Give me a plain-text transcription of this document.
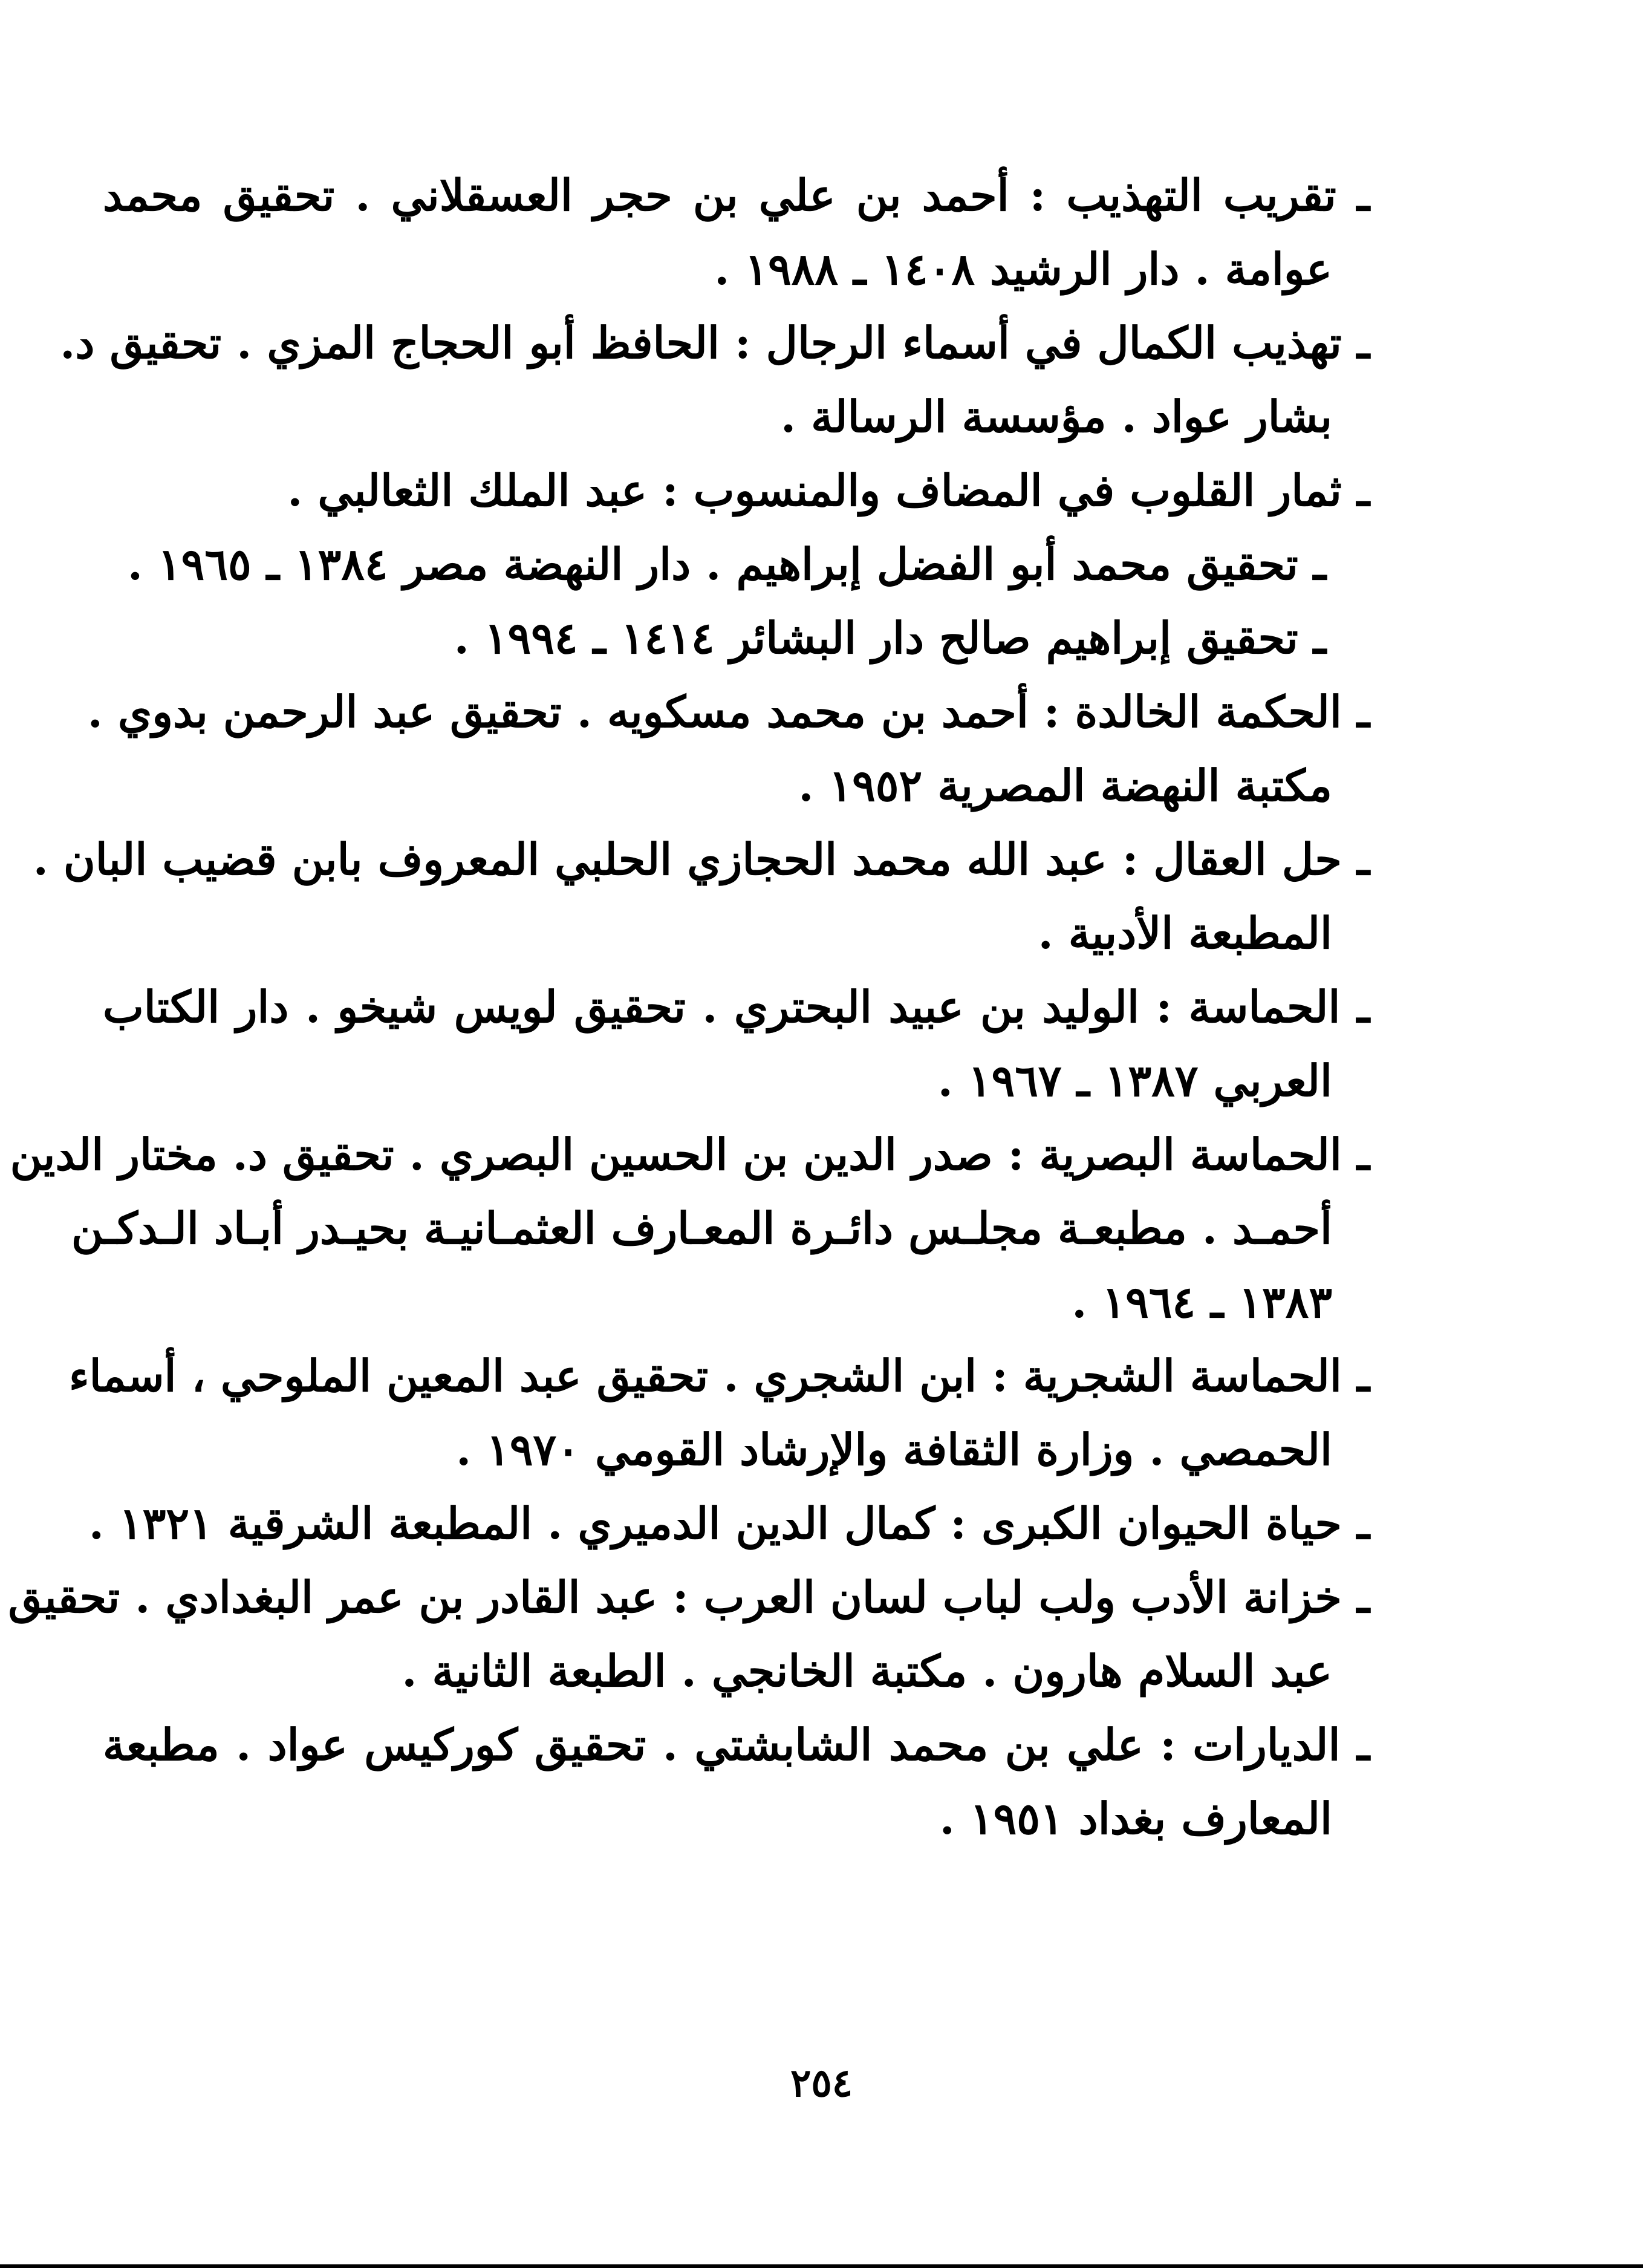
ـ تقريب التهذيب : أحمد بن علي بن حجر العسقلاني . تحقيق محمد
عوامة . دار الرشيد ١٤٠٨ ـ ١٩٨٨ .
ـ تهذيب الكمال في أسماء الرجال : الحافظ أبو الحجاج المزي . تحقيق د.
بشار عواد . مؤسسة الرسالة .
ـ ثمار القلوب في المضاف والمنسوب : عبد الملك الثعالبي .
ـ تحقيق محمد أبو الفضل إبراهيم . دار النهضة مصر ١٣٨٤ ـ ١٩٦٥ .
ـ تحقيق إبراهيم صالح دار البشائر ١٤١٤ ـ ١٩٩٤ .
ـ الحكمة الخالدة : أحمد بن محمد مسكويه . تحقيق عبد الرحمن بدوي .
مكتبة النهضة المصرية ١٩٥٢ .
ـ حل العقال : عبد الله محمد الحجازي الحلبي المعروف بابن قضيب البان .
المطبعة الأدبية .
ـ الحماسة : الوليد بن عبيد البحتري . تحقيق لويس شيخو . دار الكتاب
العربي ١٣٨٧ ـ ١٩٦٧ .
ـ الحماسة البصرية : صدر الدين بن الحسين البصري . تحقيق د. مختار الدين
أحمـد . مطبعـة مجلـس دائـرة المعـارف العثمـانيـة بحيـدر أبـاد الـدكـن
١٣٨٣ ـ ١٩٦٤ .
ـ الحماسة الشجرية : ابن الشجري . تحقيق عبد المعين الملوحي ، أسماء
الحمصي . وزارة الثقافة والإرشاد القومي ١٩٧٠ .
ـ حياة الحيوان الكبرى : كمال الدين الدميري . المطبعة الشرقية ١٣٢١ .
ـ خزانة الأدب ولب لباب لسان العرب : عبد القادر بن عمر البغدادي . تحقيق
عبد السلام هارون . مكتبة الخانجي . الطبعة الثانية .
ـ الديارات : علي بن محمد الشابشتي . تحقيق كوركيس عواد . مطبعة
المعارف بغداد ١٩٥١ .
٢٥٤
